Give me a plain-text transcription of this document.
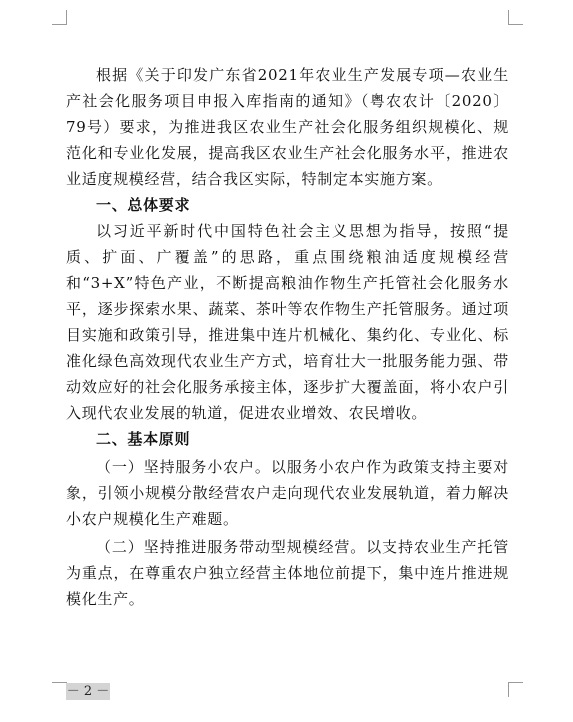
根据《关于印发广东省2021年农业生产发展专项—农业生产社会化服务项目申报入库指南的通知》（粤农农计〔2020〕79号）要求，为推进我区农业生产社会化服务组织规模化、规范化和专业化发展，提高我区农业生产社会化服务水平，推进农业适度规模经营，结合我区实际，特制定本实施方案。

一、总体要求

以习近平新时代中国特色社会主义思想为指导，按照“提质、扩面、广覆盖”的思路，重点围绕粮油适度规模经营和“3+X”特色产业，不断提高粮油作物生产托管社会化服务水平，逐步探索水果、蔬菜、茶叶等农作物生产托管服务。通过项目实施和政策引导，推进集中连片机械化、集约化、专业化、标准化绿色高效现代农业生产方式，培育壮大一批服务能力强、带动效应好的社会化服务承接主体，逐步扩大覆盖面，将小农户引入现代农业发展的轨道，促进农业增效、农民增收。

二、基本原则

（一）坚持服务小农户。以服务小农户作为政策支持主要对象，引领小规模分散经营农户走向现代农业发展轨道，着力解决小农户规模化生产难题。

（二）坚持推进服务带动型规模经营。以支持农业生产托管为重点，在尊重农户独立经营主体地位前提下，集中连片推进规模化生产。

－ 2 －
